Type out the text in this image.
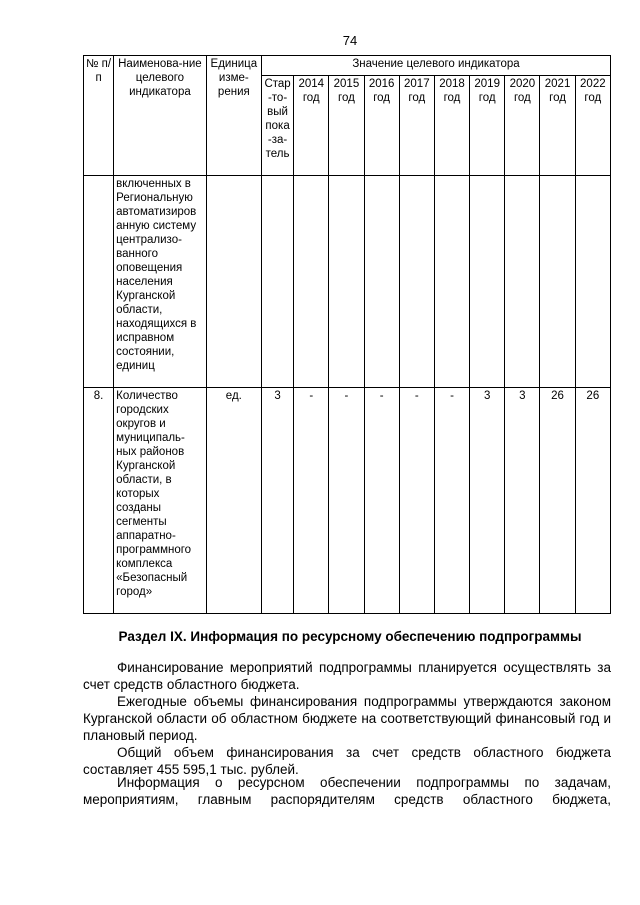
74
№ п/п	Наименова-ние целевого индикатора	Единица изме-рения	Значение целевого индикатора									
			Стар-то-вый пока-за-тель	2014 год	2015 год	2016 год	2017 год	2018 год	2019 год	2020 год	2021 год	2022 год
	включенных в Региональную автоматизиров анную систему централизо-ванного оповещения населения Курганской области, находящихся в исправном состоянии, единиц											
8.	Количество городских округов и муниципаль-ных районов Курганской области, в которых созданы сегменты аппаратно-программного комплекса «Безопасный город»	ед.	3	-	-	-	-	-	3	3	26	26
Раздел IX. Информация по ресурсному обеспечению подпрограммы
Финансирование мероприятий подпрограммы планируется осуществлять за счет средств областного бюджета.
Ежегодные объемы финансирования подпрограммы утверждаются законом Курганской области об областном бюджете на соответствующий финансовый год и плановый период.
Общий объем финансирования за счет средств областного бюджета составляет 455 595,1 тыс. рублей.
Информация о ресурсном обеспечении подпрограммы по задачам, мероприятиям, главным распорядителям средств областного бюджета,
